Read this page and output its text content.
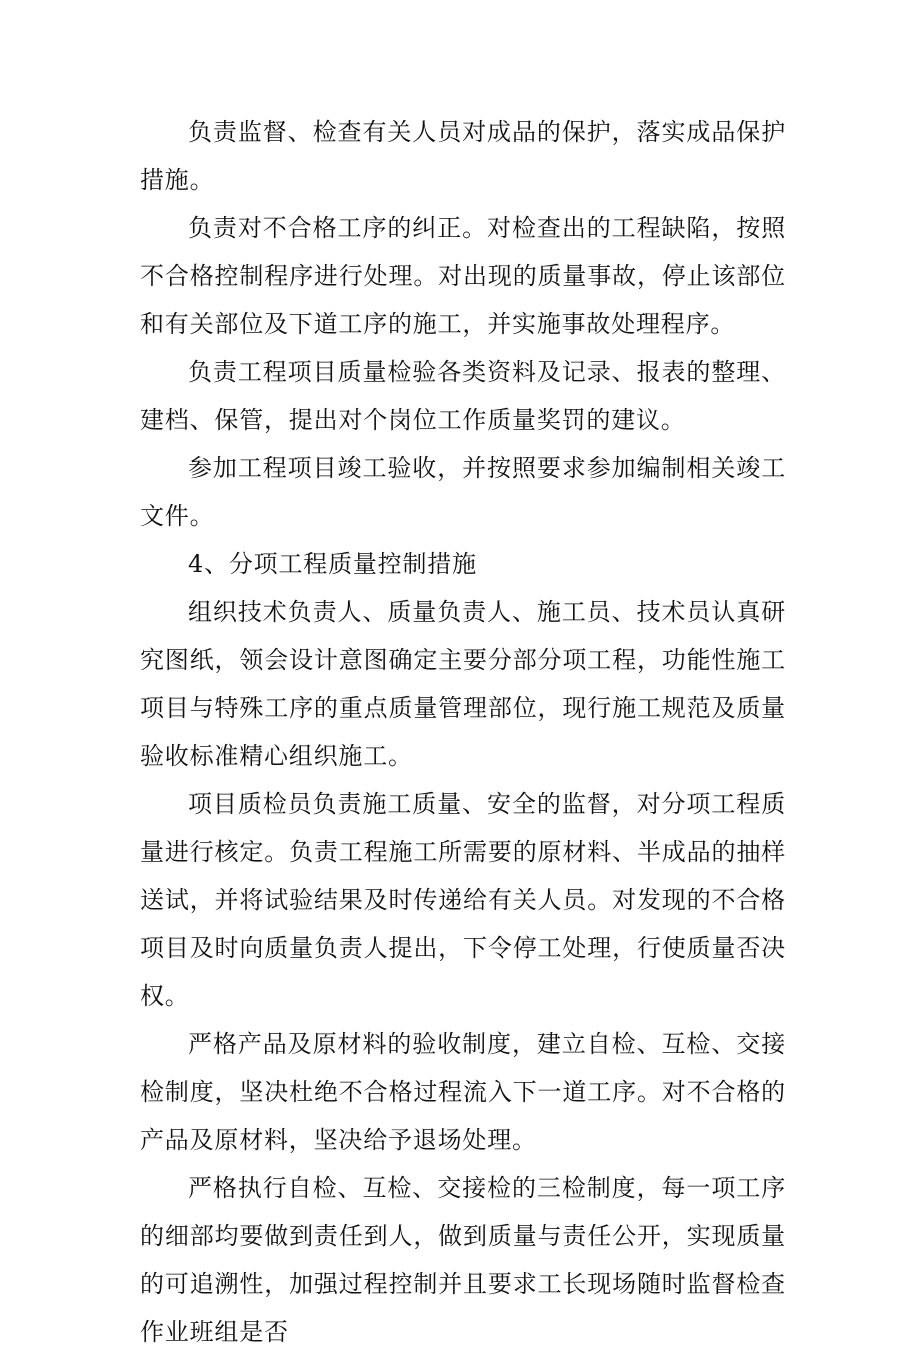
负责监督、检查有关人员对成品的保护，落实成品保护措施。

负责对不合格工序的纠正。对检查出的工程缺陷，按照不合格控制程序进行处理。对出现的质量事故，停止该部位和有关部位及下道工序的施工，并实施事故处理程序。

负责工程项目质量检验各类资料及记录、报表的整理、建档、保管，提出对个岗位工作质量奖罚的建议。

参加工程项目竣工验收，并按照要求参加编制相关竣工文件。

4、分项工程质量控制措施

组织技术负责人、质量负责人、施工员、技术员认真研究图纸，领会设计意图确定主要分部分项工程，功能性施工项目与特殊工序的重点质量管理部位，现行施工规范及质量验收标准精心组织施工。

项目质检员负责施工质量、安全的监督，对分项工程质量进行核定。负责工程施工所需要的原材料、半成品的抽样送试，并将试验结果及时传递给有关人员。对发现的不合格项目及时向质量负责人提出，下令停工处理，行使质量否决权。

严格产品及原材料的验收制度，建立自检、互检、交接检制度，坚决杜绝不合格过程流入下一道工序。对不合格的产品及原材料，坚决给予退场处理。

严格执行自检、互检、交接检的三检制度，每一项工序的细部均要做到责任到人，做到质量与责任公开，实现质量的可追溯性，加强过程控制并且要求工长现场随时监督检查作业班组是否
